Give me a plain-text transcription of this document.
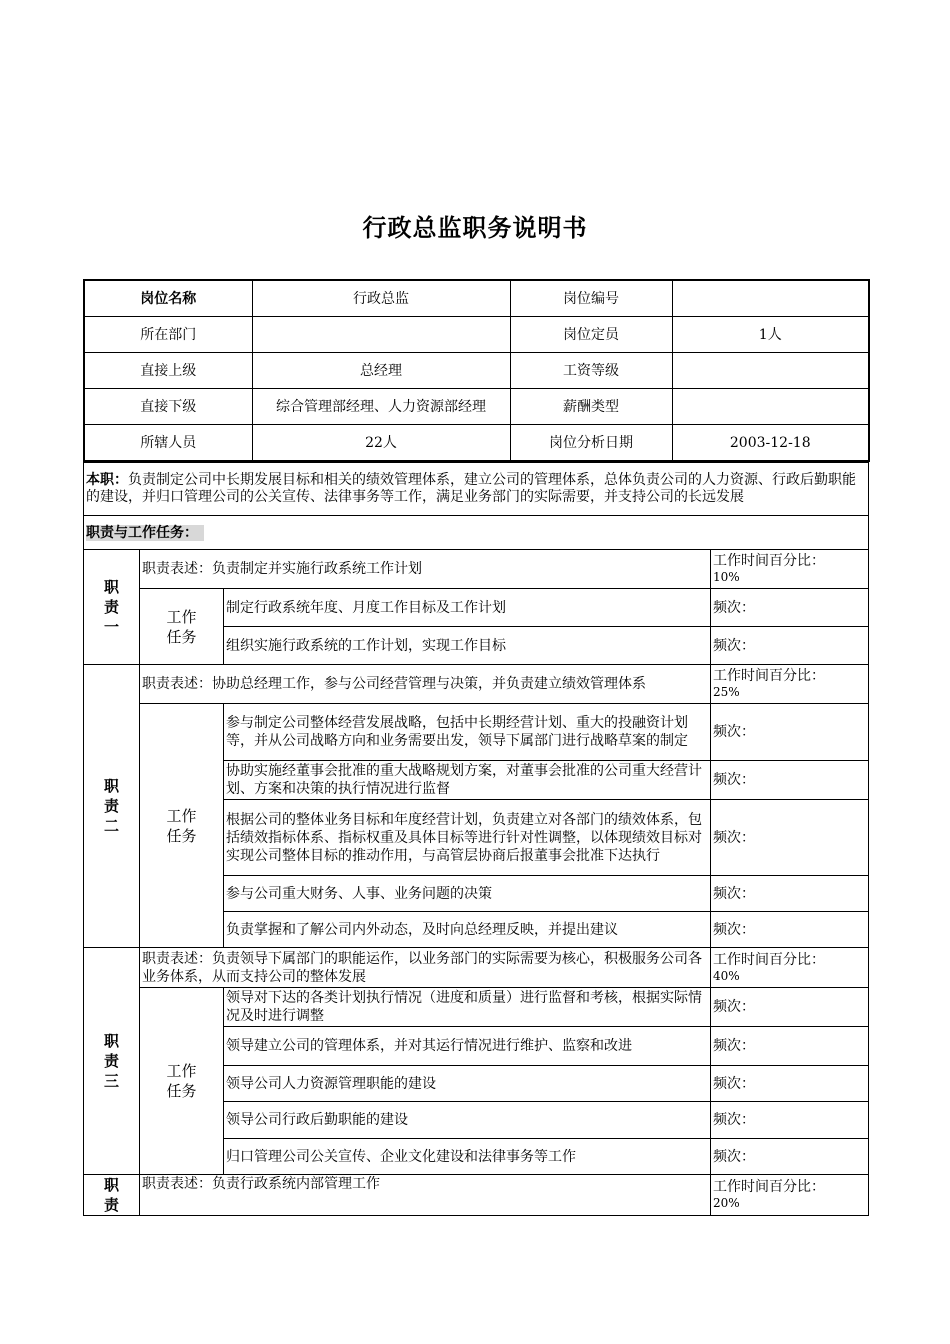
行政总监职务说明书
岗位名称	行政总监	岗位编号	
所在部门		岗位定员	1人
直接上级	总经理	工资等级	
直接下级	综合管理部经理、人力资源部经理	薪酬类型	
所辖人员	22人	岗位分析日期	2003-12-18
本职：负责制定公司中长期发展目标和相关的绩效管理体系，建立公司的管理体系，总体负责公司的人力资源、行政后勤职能的建设，并归口管理公司的公关宣传、法律事务等工作，满足业务部门的实际需要，并支持公司的长远发展			
职责与工作任务：			
职责一	职责表述：负责制定并实施行政系统工作计划		工作时间百分比：
10%
	工作任务	制定行政系统年度、月度工作目标及工作计划	频次：
		组织实施行政系统的工作计划，实现工作目标	频次：
职责二	职责表述：协助总经理工作，参与公司经营管理与决策，并负责建立绩效管理体系		工作时间百分比：
25%
	工作任务	参与制定公司整体经营发展战略，包括中长期经营计划、重大的投融资计划等，并从公司战略方向和业务需要出发，领导下属部门进行战略草案的制定	频次：
		协助实施经董事会批准的重大战略规划方案，对董事会批准的公司重大经营计划、方案和决策的执行情况进行监督	频次：
		根据公司的整体业务目标和年度经营计划，负责建立对各部门的绩效体系，包括绩效指标体系、指标权重及具体目标等进行针对性调整，以体现绩效目标对实现公司整体目标的推动作用，与高管层协商后报董事会批准下达执行	频次：
		参与公司重大财务、人事、业务问题的决策	频次：
		负责掌握和了解公司内外动态，及时向总经理反映，并提出建议	频次：
职责三	职责表述：负责领导下属部门的职能运作，以业务部门的实际需要为核心，积极服务公司各业务体系，从而支持公司的整体发展		工作时间百分比：
40%
	工作任务	领导对下达的各类计划执行情况（进度和质量）进行监督和考核，根据实际情况及时进行调整	频次：
		领导建立公司的管理体系，并对其运行情况进行维护、监察和改进	频次：
		领导公司人力资源管理职能的建设	频次：
		领导公司行政后勤职能的建设	频次：
		归口管理公司公关宣传、企业文化建设和法律事务等工作	频次：
职责	职责表述：负责行政系统内部管理工作		工作时间百分比：
20%
